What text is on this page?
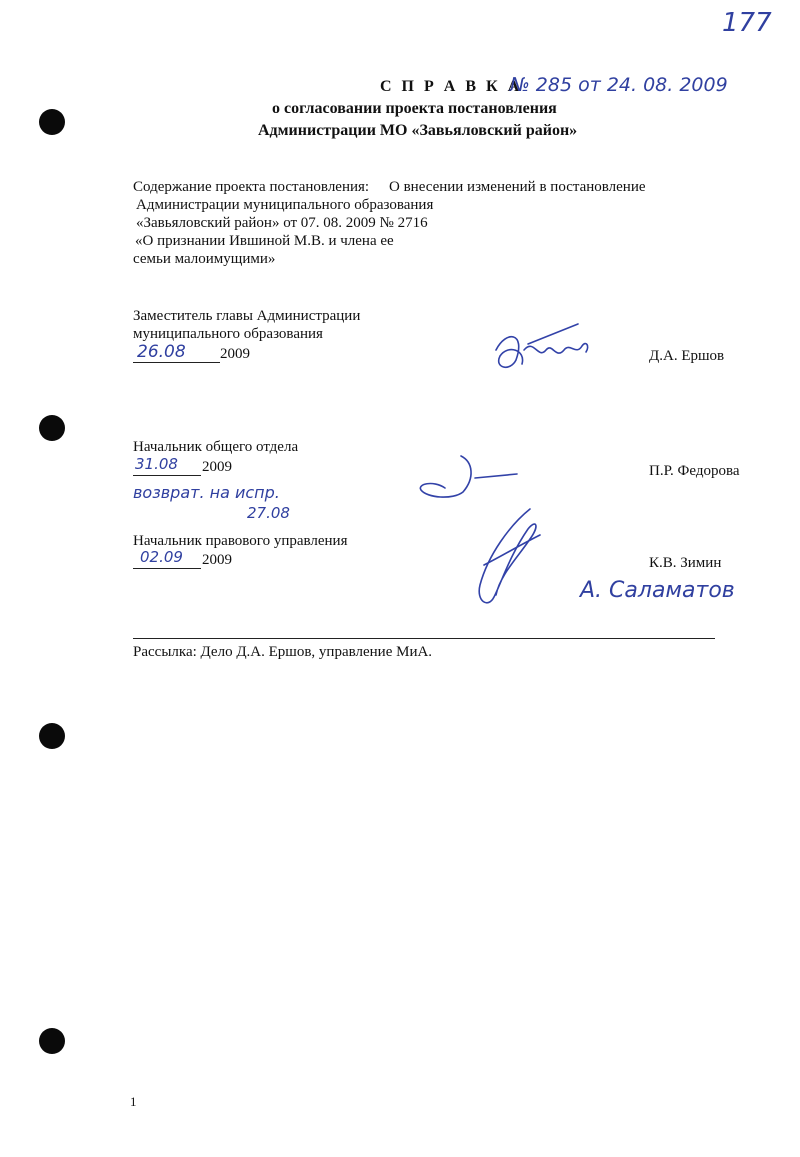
177
С П Р А В К А
№ 285 от 24. 08. 2009
о согласовании проекта постановления
Администрации МО «Завьяловский район»
Содержание проекта постановления: О внесении изменений в постановление
Администрации муниципального образования
«Завьяловский район» от 07. 08. 2009 № 2716
«О признании Ившиной М.В. и члена ее
семьи малоимущими»
Заместитель главы Администрации
муниципального образования
26.08 2009	Д.А. Ершов
Начальник общего отдела
31.08 2009	П.Р. Федорова
возврат. на испр.
27.08
Начальник правового управления
02.09 2009	К.В. Зимин
А. Саламатов
Рассылка: Дело Д.А. Ершов, управление МиА.
1
